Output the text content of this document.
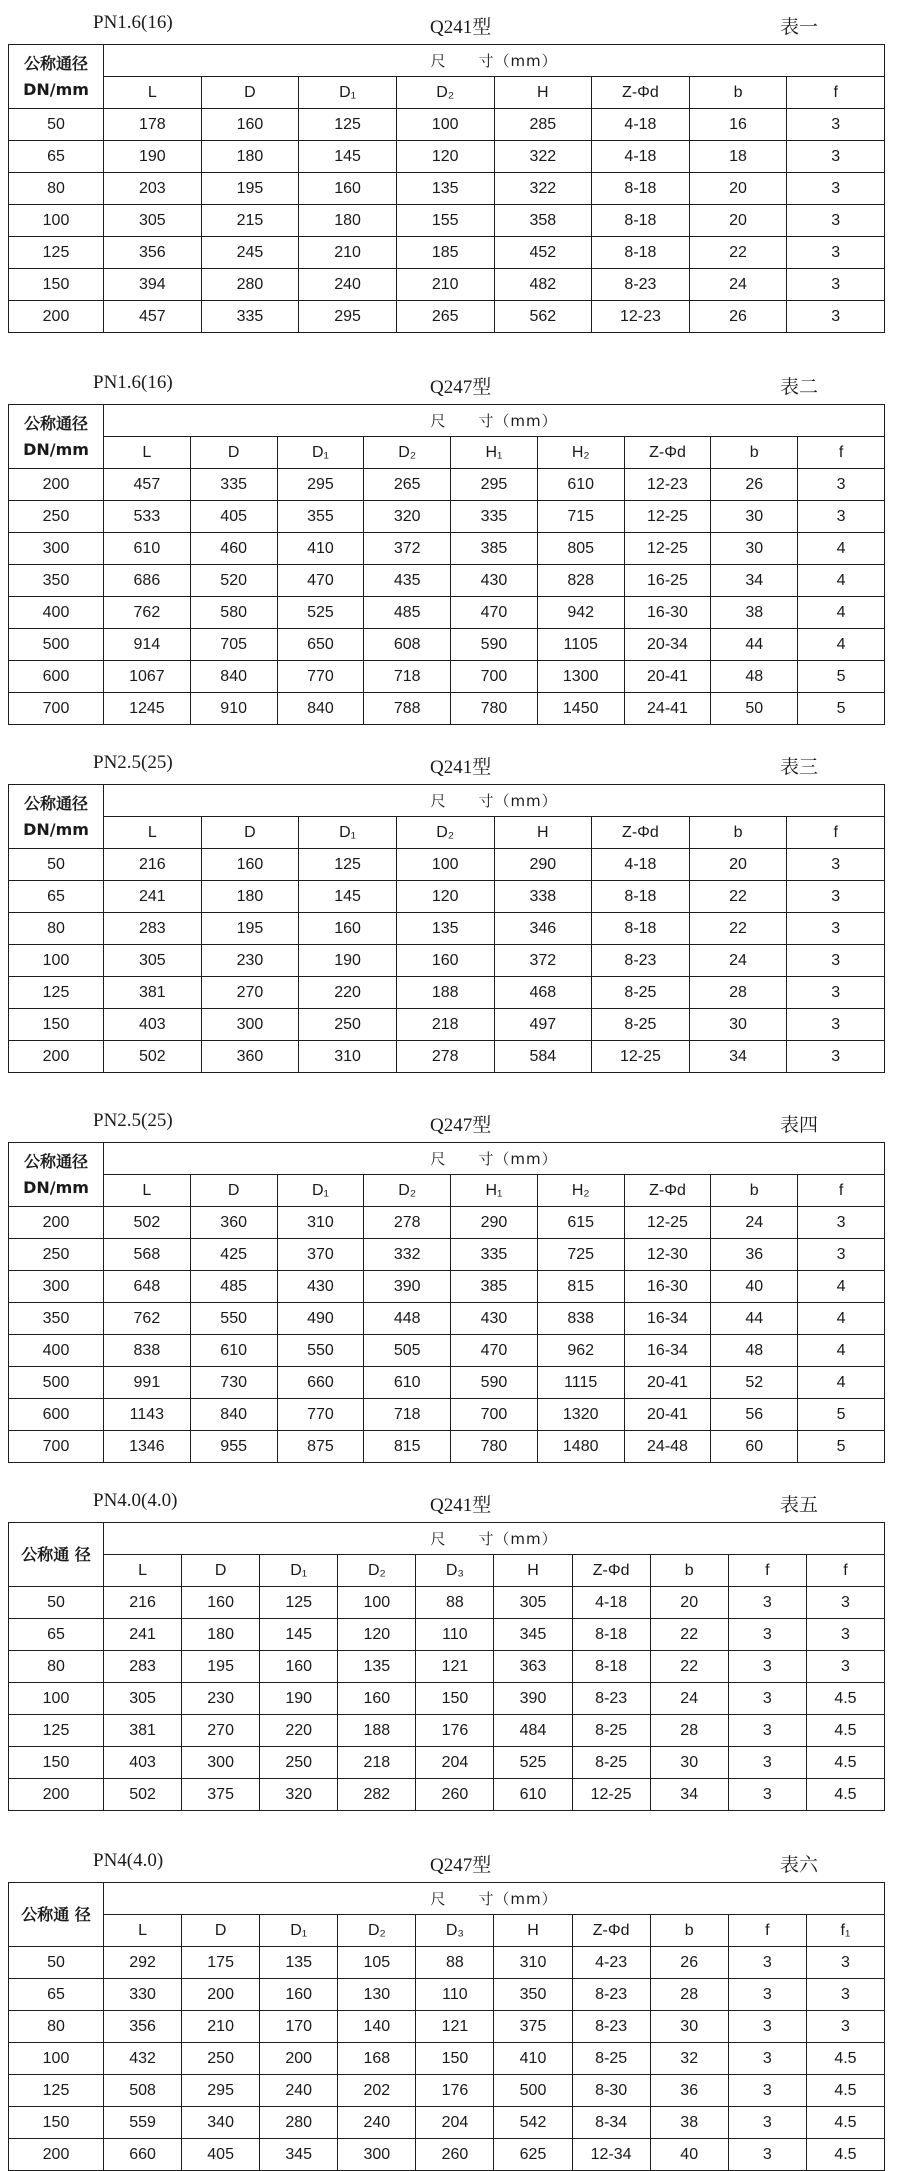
PN1.6(16)	Q241型	表一
公称通径 DN/mm	尺　　寸（mm）							
	L	D	D₁	D₂	H	Z-Φd	b	f
50	178	160	125	100	285	4-18	16	3
65	190	180	145	120	322	4-18	18	3
80	203	195	160	135	322	8-18	20	3
100	305	215	180	155	358	8-18	20	3
125	356	245	210	185	452	8-18	22	3
150	394	280	240	210	482	8-23	24	3
200	457	335	295	265	562	12-23	26	3
PN1.6(16)	Q247型	表二
公称通径 DN/mm	尺　　寸（mm）								
	L	D	D₁	D₂	H₁	H₂	Z-Φd	b	f
200	457	335	295	265	295	610	12-23	26	3
250	533	405	355	320	335	715	12-25	30	3
300	610	460	410	372	385	805	12-25	30	4
350	686	520	470	435	430	828	16-25	34	4
400	762	580	525	485	470	942	16-30	38	4
500	914	705	650	608	590	1105	20-34	44	4
600	1067	840	770	718	700	1300	20-41	48	5
700	1245	910	840	788	780	1450	24-41	50	5
PN2.5(25)	Q241型	表三
公称通径 DN/mm	尺　　寸（mm）							
	L	D	D₁	D₂	H	Z-Φd	b	f
50	216	160	125	100	290	4-18	20	3
65	241	180	145	120	338	8-18	22	3
80	283	195	160	135	346	8-18	22	3
100	305	230	190	160	372	8-23	24	3
125	381	270	220	188	468	8-25	28	3
150	403	300	250	218	497	8-25	30	3
200	502	360	310	278	584	12-25	34	3
PN2.5(25)	Q247型	表四
公称通径 DN/mm	尺　　寸（mm）								
	L	D	D₁	D₂	H₁	H₂	Z-Φd	b	f
200	502	360	310	278	290	615	12-25	24	3
250	568	425	370	332	335	725	12-30	36	3
300	648	485	430	390	385	815	16-30	40	4
350	762	550	490	448	430	838	16-34	44	4
400	838	610	550	505	470	962	16-34	48	4
500	991	730	660	610	590	1115	20-41	52	4
600	1143	840	770	718	700	1320	20-41	56	5
700	1346	955	875	815	780	1480	24-48	60	5
PN4.0(4.0)	Q241型	表五
公称通 径	尺　　寸（mm）									
	L	D	D₁	D₂	D₃	H	Z-Φd	b	f	f
50	216	160	125	100	88	305	4-18	20	3	3
65	241	180	145	120	110	345	8-18	22	3	3
80	283	195	160	135	121	363	8-18	22	3	3
100	305	230	190	160	150	390	8-23	24	3	4.5
125	381	270	220	188	176	484	8-25	28	3	4.5
150	403	300	250	218	204	525	8-25	30	3	4.5
200	502	375	320	282	260	610	12-25	34	3	4.5
PN4(4.0)	Q247型	表六
公称通 径	尺　　寸（mm）									
	L	D	D₁	D₂	D₃	H	Z-Φd	b	f	f₁
50	292	175	135	105	88	310	4-23	26	3	3
65	330	200	160	130	110	350	8-23	28	3	3
80	356	210	170	140	121	375	8-23	30	3	3
100	432	250	200	168	150	410	8-25	32	3	4.5
125	508	295	240	202	176	500	8-30	36	3	4.5
150	559	340	280	240	204	542	8-34	38	3	4.5
200	660	405	345	300	260	625	12-34	40	3	4.5
